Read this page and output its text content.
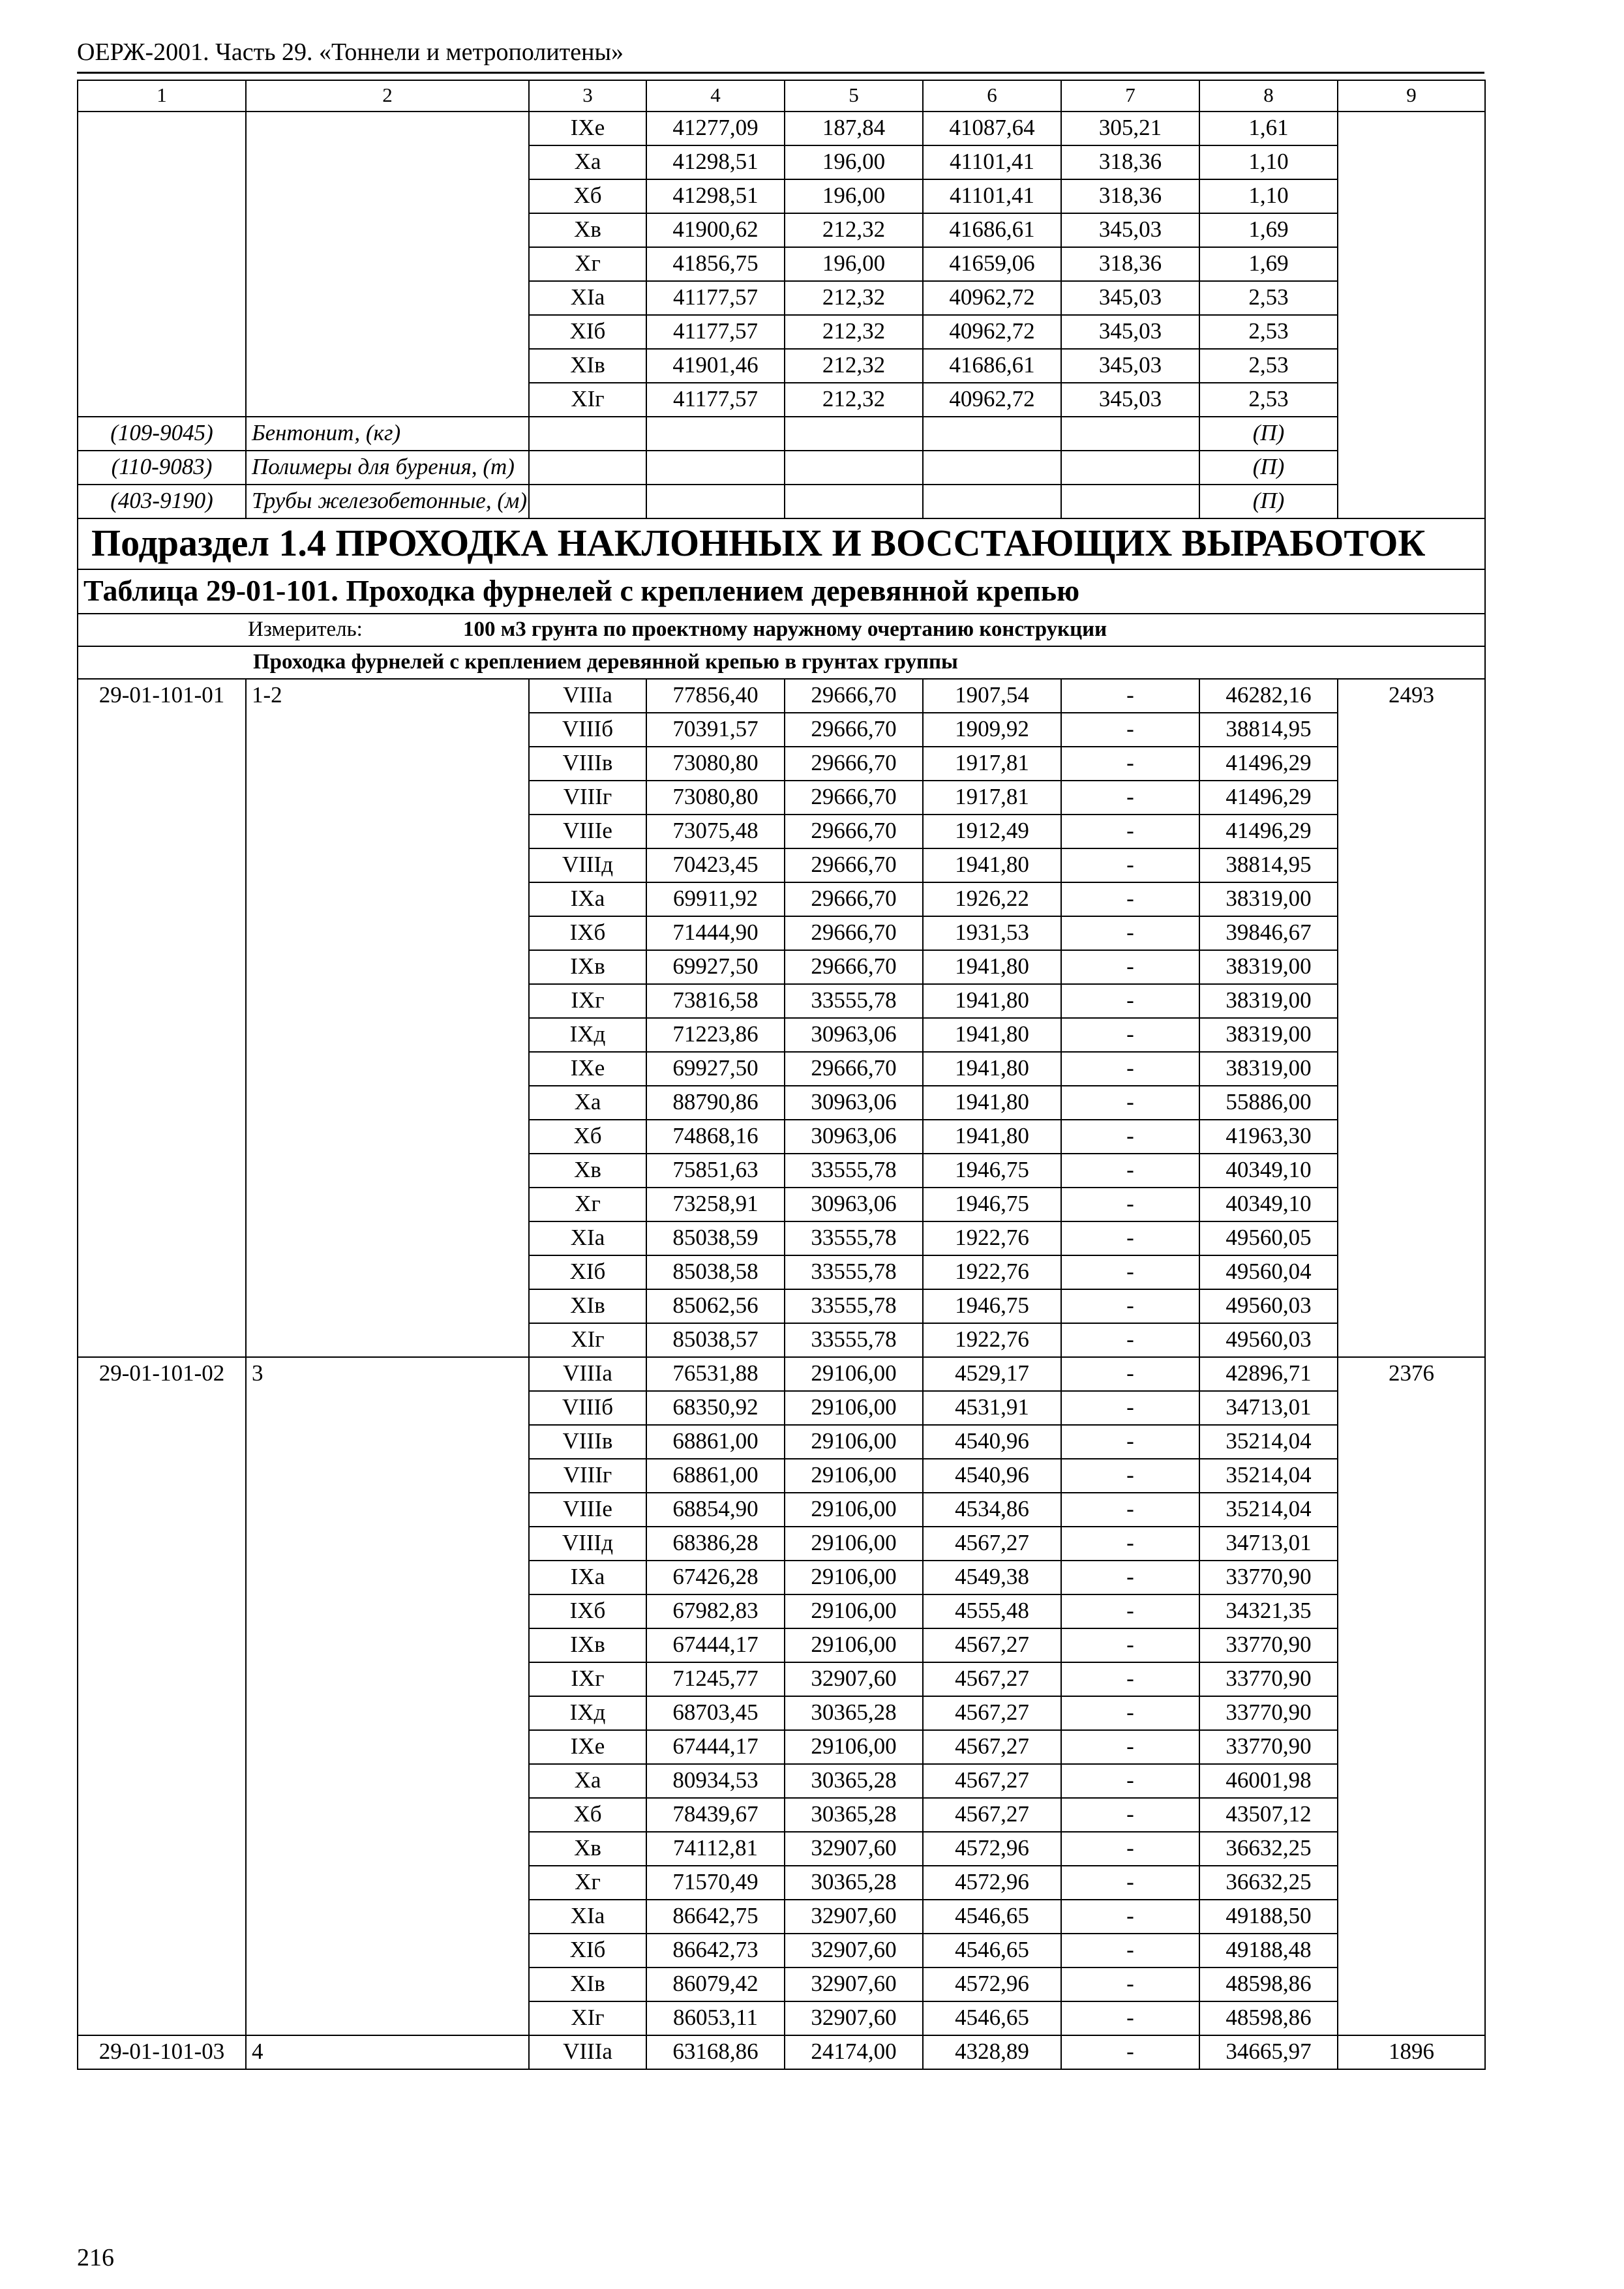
ОЕРЖ-2001. Часть 29. «Тоннели и метрополитены»
1	2	3	4	5	6	7	8	9
		IXe	41277,09	187,84	41087,64	305,21	1,61	
		Xa	41298,51	196,00	41101,41	318,36	1,10	
		Xб	41298,51	196,00	41101,41	318,36	1,10	
		Xв	41900,62	212,32	41686,61	345,03	1,69	
		Xг	41856,75	196,00	41659,06	318,36	1,69	
		XIa	41177,57	212,32	40962,72	345,03	2,53	
		XIб	41177,57	212,32	40962,72	345,03	2,53	
		XIв	41901,46	212,32	41686,61	345,03	2,53	
		XIг	41177,57	212,32	40962,72	345,03	2,53	
(109-9045)	Бентонит, (кг)						(П)	
(110-9083)	Полимеры для бурения, (т)						(П)	
(403-9190)	Трубы железобетонные, (м)						(П)	
Подраздел 1.4 ПРОХОДКА НАКЛОННЫХ И ВОССТАЮЩИХ ВЫРАБОТОК								
Таблица 29-01-101. Проходка фурнелей с креплением деревянной крепью								
Измеритель: 100 м3 грунта по проектному наружному очертанию конструкции								
Проходка фурнелей с креплением деревянной крепью в грунтах группы								
29-01-101-01	1-2	VIIIa	77856,40	29666,70	1907,54	-	46282,16	2493
		VIIIб	70391,57	29666,70	1909,92	-	38814,95	
		VIIIв	73080,80	29666,70	1917,81	-	41496,29	
		VIIIг	73080,80	29666,70	1917,81	-	41496,29	
		VIIIe	73075,48	29666,70	1912,49	-	41496,29	
		VIIIд	70423,45	29666,70	1941,80	-	38814,95	
		IXa	69911,92	29666,70	1926,22	-	38319,00	
		IXб	71444,90	29666,70	1931,53	-	39846,67	
		IXв	69927,50	29666,70	1941,80	-	38319,00	
		IXг	73816,58	33555,78	1941,80	-	38319,00	
		IXд	71223,86	30963,06	1941,80	-	38319,00	
		IXe	69927,50	29666,70	1941,80	-	38319,00	
		Xa	88790,86	30963,06	1941,80	-	55886,00	
		Xб	74868,16	30963,06	1941,80	-	41963,30	
		Xв	75851,63	33555,78	1946,75	-	40349,10	
		Xг	73258,91	30963,06	1946,75	-	40349,10	
		XIa	85038,59	33555,78	1922,76	-	49560,05	
		XIб	85038,58	33555,78	1922,76	-	49560,04	
		XIв	85062,56	33555,78	1946,75	-	49560,03	
		XIг	85038,57	33555,78	1922,76	-	49560,03	
29-01-101-02	3	VIIIa	76531,88	29106,00	4529,17	-	42896,71	2376
		VIIIб	68350,92	29106,00	4531,91	-	34713,01	
		VIIIв	68861,00	29106,00	4540,96	-	35214,04	
		VIIIг	68861,00	29106,00	4540,96	-	35214,04	
		VIIIe	68854,90	29106,00	4534,86	-	35214,04	
		VIIIд	68386,28	29106,00	4567,27	-	34713,01	
		IXa	67426,28	29106,00	4549,38	-	33770,90	
		IXб	67982,83	29106,00	4555,48	-	34321,35	
		IXв	67444,17	29106,00	4567,27	-	33770,90	
		IXг	71245,77	32907,60	4567,27	-	33770,90	
		IXд	68703,45	30365,28	4567,27	-	33770,90	
		IXe	67444,17	29106,00	4567,27	-	33770,90	
		Xa	80934,53	30365,28	4567,27	-	46001,98	
		Xб	78439,67	30365,28	4567,27	-	43507,12	
		Xв	74112,81	32907,60	4572,96	-	36632,25	
		Xг	71570,49	30365,28	4572,96	-	36632,25	
		XIa	86642,75	32907,60	4546,65	-	49188,50	
		XIб	86642,73	32907,60	4546,65	-	49188,48	
		XIв	86079,42	32907,60	4572,96	-	48598,86	
		XIг	86053,11	32907,60	4546,65	-	48598,86	
29-01-101-03	4	VIIIa	63168,86	24174,00	4328,89	-	34665,97	1896
216
